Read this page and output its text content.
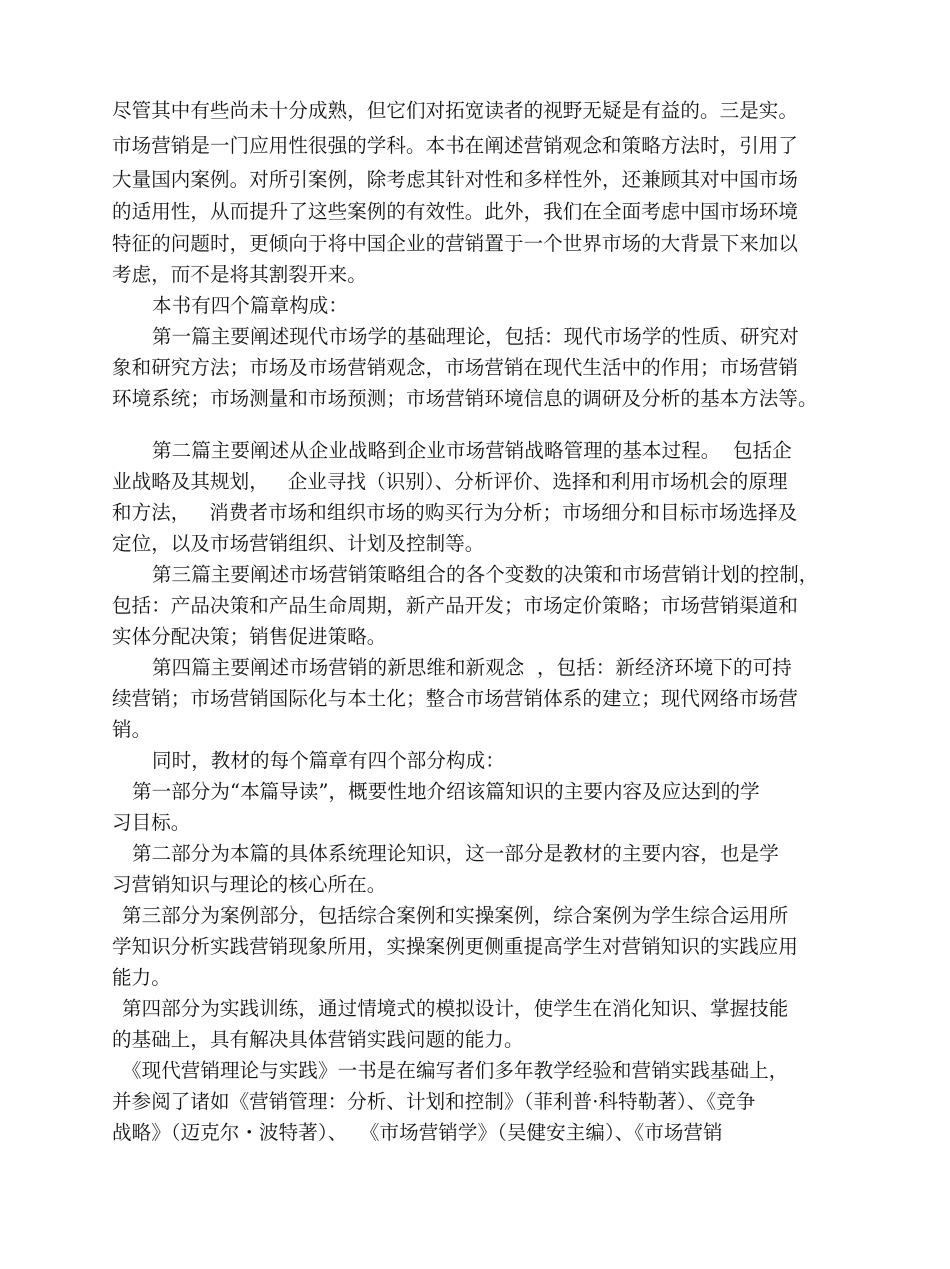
尽管其中有些尚未十分成熟，但它们对拓宽读者的视野无疑是有益的。三是实。
市场营销是一门应用性很强的学科。本书在阐述营销观念和策略方法时，引用了
大量国内案例。对所引案例，除考虑其针对性和多样性外，还兼顾其对中国市场
的适用性，从而提升了这些案例的有效性。此外，我们在全面考虑中国市场环境
特征的问题时，更倾向于将中国企业的营销置于一个世界市场的大背景下来加以
考虑，而不是将其割裂开来。
本书有四个篇章构成：
第一篇主要阐述现代市场学的基础理论，包括：现代市场学的性质、研究对
象和研究方法；市场及市场营销观念，市场营销在现代生活中的作用；市场营销
环境系统；市场测量和市场预测；市场营销环境信息的调研及分析的基本方法等。
第二篇主要阐述从企业战略到企业市场营销战略管理的基本过程。  包括企
业战略及其规划，   企业寻找（识别）、分析评价、选择和利用市场机会的原理
和方法，   消费者市场和组织市场的购买行为分析；市场细分和目标市场选择及
定位，以及市场营销组织、计划及控制等。
第三篇主要阐述市场营销策略组合的各个变数的决策和市场营销计划的控制，
包括：产品决策和产品生命周期，新产品开发；市场定价策略；市场营销渠道和
实体分配决策；销售促进策略。
第四篇主要阐述市场营销的新思维和新观念  ，包括：新经济环境下的可持
续营销；市场营销国际化与本土化；整合市场营销体系的建立；现代网络市场营
销。
同时，教材的每个篇章有四个部分构成：
第一部分为“本篇导读”，概要性地介绍该篇知识的主要内容及应达到的学
习目标。
第二部分为本篇的具体系统理论知识，这一部分是教材的主要内容，也是学
习营销知识与理论的核心所在。
第三部分为案例部分，包括综合案例和实操案例，综合案例为学生综合运用所
学知识分析实践营销现象所用，实操案例更侧重提高学生对营销知识的实践应用
能力。
第四部分为实践训练，通过情境式的模拟设计，使学生在消化知识、掌握技能
的基础上，具有解决具体营销实践问题的能力。
《现代营销理论与实践》一书是在编写者们多年教学经验和营销实践基础上，
并参阅了诸如《营销管理：分析、计划和控制》（菲利普·科特勒著）、《竞争
战略》（迈克尔・波特著）、  《市场营销学》（吴健安主编）、《市场营销
